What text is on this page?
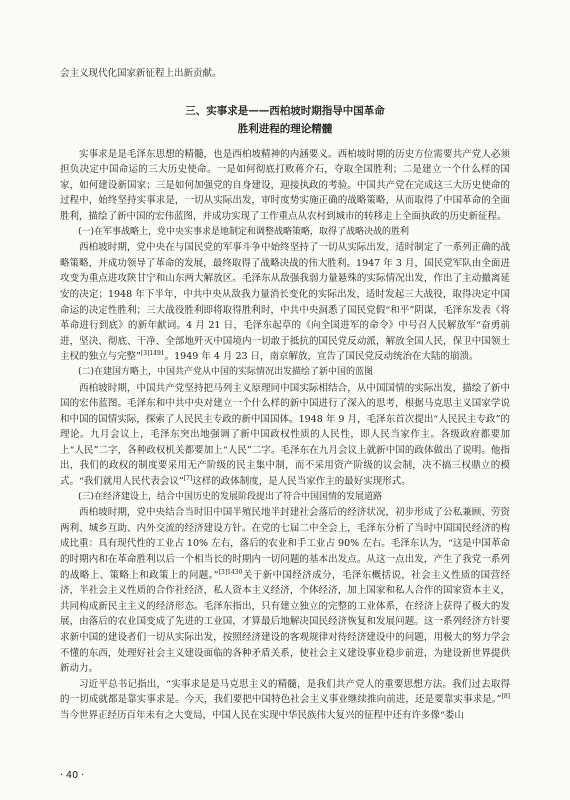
会主义现代化国家新征程上出新贡献。

三、实事求是——西柏坡时期指导中国革命
胜利进程的理论精髓

实事求是是毛泽东思想的精髓，也是西柏坡精神的内涵要义。西柏坡时期的历史方位需要共产党人必须担负决定中国命运的三大历史使命。一是如何彻底打败蒋介石，夺取全国胜利；二是建立一个什么样的国家，如何建设新国家；三是如何加强党的自身建设，迎接执政的考验。中国共产党在完成这三大历史使命的过程中，始终坚持实事求是，一切从实际出发，审时度势实施正确的战略策略，从而取得了中国革命的全面胜利，描绘了新中国的宏伟蓝图，并成功实现了工作重点从农村到城市的转移走上全面执政的历史新征程。

(一)在军事战略上，党中央实事求是地制定和调整战略策略，取得了战略决战的胜利

西柏坡时期，党中央在与国民党的军事斗争中始终坚持了一切从实际出发，适时制定了一系列正确的战略策略，并成功领导了革命的发展，最终取得了战略决战的伟大胜利。1947 年 3 月，国民党军队由全面进攻变为重点进攻陕甘宁和山东两大解放区。毛泽东从敌强我弱力量悬殊的实际情况出发，作出了主动撤离延安的决定；1948 年下半年，中共中央从敌我力量消长变化的实际出发，适时发起三大战役，取得决定中国命运的决定性胜利；三大战役胜利即将取得胜利时，中共中央洞悉了国民党假“和平”阴谋，毛泽东发表《将革命进行到底》的新年献词。4 月 21 日，毛泽东起草的《向全国进军的命令》中号召人民解放军“奋勇前进，坚决、彻底、干净、全部地歼灭中国境内一切敢于抵抗的国民党反动派，解放全国人民，保卫中国领土主权的独立与完整”$^{[3]1491}$。1949 年 4 月 23 日，南京解放，宣告了国民党反动统治在大陆的崩溃。

(二)在建国方略上，中国共产党从中国的实际情况出发描绘了新中国的蓝图

西柏坡时期，中国共产党坚持把马列主义原理同中国实际相结合，从中国国情的实际出发，描绘了新中国的宏伟蓝图。毛泽东和中共中央对建立一个什么样的新中国进行了深入的思考，根据马克思主义国家学说和中国的国情实际，探索了人民民主专政的新中国国体。1948 年 9 月，毛泽东首次提出“人民民主专政”的理论。九月会议上，毛泽东突出地强调了新中国政权性质的人民性，即人民当家作主。各级政府都要加上“人民”二字，各种政权机关都要加上“人民”二字。毛泽东在九月会议上就新中国的政体做出了说明。他指出，我们的政权的制度要采用无产阶级的民主集中制，而不采用资产阶级的议会制，决不搞三权鼎立的模式。“我们就用人民代表会议”[7]这样的政体制度，是人民当家作主的最好实现形式。

(三)在经济建设上，结合中国历史的发展阶段提出了符合中国国情的发展道路

西柏坡时期，党中央结合当时旧中国半殖民地半封建社会落后的经济状况，初步形成了公私兼顾、劳资两利、城乡互助、内外交流的经济建设方针。在党的七届二中全会上，毛泽东分析了当时中国国民经济的构成比重：具有现代性的工业占 10% 左右，落后的农业和手工业占 90% 左右。毛泽东认为，“这是中国革命的时期内和在革命胜利以后一个相当长的时期内一切问题的基本出发点。从这一点出发，产生了我党一系列的战略上、策略上和政策上的问题。”$^{[3]1430}$关于新中国经济成分，毛泽东概括说，社会主义性质的国营经济，半社会主义性质的合作社经济，私人资本主义经济，个体经济，加上国家和私人合作的国家资本主义，共同构成新民主主义的经济形态。毛泽东指出，只有建立独立的完整的工业体系，在经济上获得了极大的发展，由落后的农业国变成了先进的工业国，才算最后地解决国民经济恢复和发展问题。这一系列经济方针要求新中国的建设者们一切从实际出发，按照经济建设的客观规律对待经济建设中的问题，用极大的努力学会不懂的东西，处理好社会主义建设面临的各种矛盾关系，使社会主义建设事业稳步前进，为建设新世界提供新动力。

习近平总书记指出，“实事求是是马克思主义的精髓，是我们共产党人的重要思想方法。我们过去取得的一切成就都是靠实事求是。今天，我们要把中国特色社会主义事业继续推向前进，还是要靠实事求是。”[8]当今世界正经历百年未有之大变局，中国人民在实现中华民族伟大复兴的征程中还有许多像“娄山

· 40 ·
